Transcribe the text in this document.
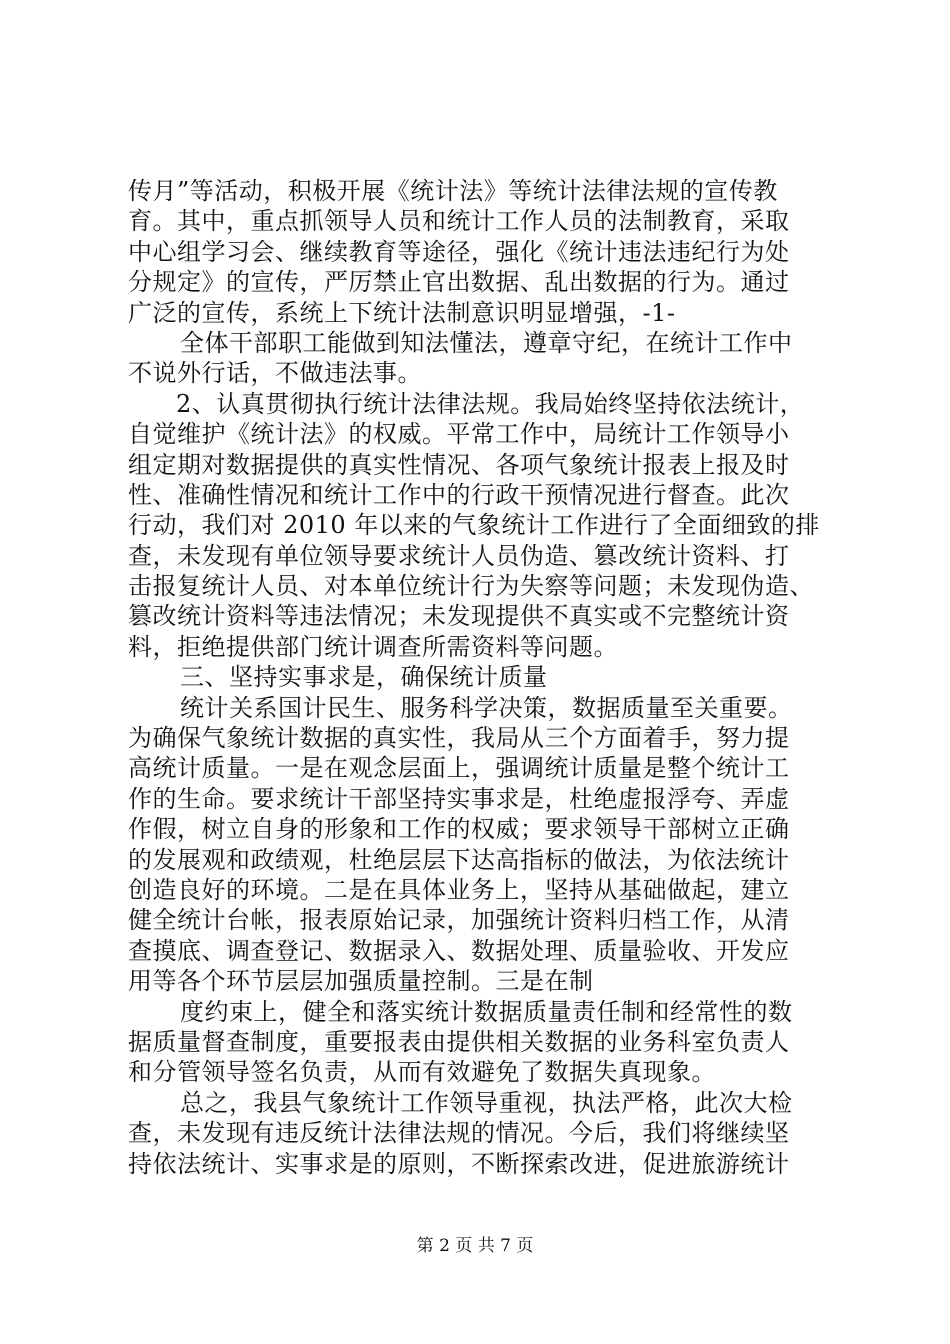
传月”等活动，积极开展《统计法》等统计法律法规的宣传教
育。其中，重点抓领导人员和统计工作人员的法制教育，采取
中心组学习会、继续教育等途径，强化《统计违法违纪行为处
分规定》的宣传，严厉禁止官出数据、乱出数据的行为。通过
广泛的宣传，系统上下统计法制意识明显增强，-1-
全体干部职工能做到知法懂法，遵章守纪，在统计工作中
不说外行话，不做违法事。
2、认真贯彻执行统计法律法规。我局始终坚持依法统计，
自觉维护《统计法》的权威。平常工作中，局统计工作领导小
组定期对数据提供的真实性情况、各项气象统计报表上报及时
性、准确性情况和统计工作中的行政干预情况进行督查。此次
行动，我们对 2010 年以来的气象统计工作进行了全面细致的排
查，未发现有单位领导要求统计人员伪造、篡改统计资料、打
击报复统计人员、对本单位统计行为失察等问题；未发现伪造、
篡改统计资料等违法情况；未发现提供不真实或不完整统计资
料，拒绝提供部门统计调查所需资料等问题。
三、坚持实事求是，确保统计质量
统计关系国计民生、服务科学决策，数据质量至关重要。
为确保气象统计数据的真实性，我局从三个方面着手，努力提
高统计质量。一是在观念层面上，强调统计质量是整个统计工
作的生命。要求统计干部坚持实事求是，杜绝虚报浮夸、弄虚
作假，树立自身的形象和工作的权威；要求领导干部树立正确
的发展观和政绩观，杜绝层层下达高指标的做法，为依法统计
创造良好的环境。二是在具体业务上，坚持从基础做起，建立
健全统计台帐，报表原始记录，加强统计资料归档工作，从清
查摸底、调查登记、数据录入、数据处理、质量验收、开发应
用等各个环节层层加强质量控制。三是在制
度约束上，健全和落实统计数据质量责任制和经常性的数
据质量督查制度，重要报表由提供相关数据的业务科室负责人
和分管领导签名负责，从而有效避免了数据失真现象。
总之，我县气象统计工作领导重视，执法严格，此次大检
查，未发现有违反统计法律法规的情况。今后，我们将继续坚
持依法统计、实事求是的原则，不断探索改进，促进旅游统计
第 2 页 共 7 页
